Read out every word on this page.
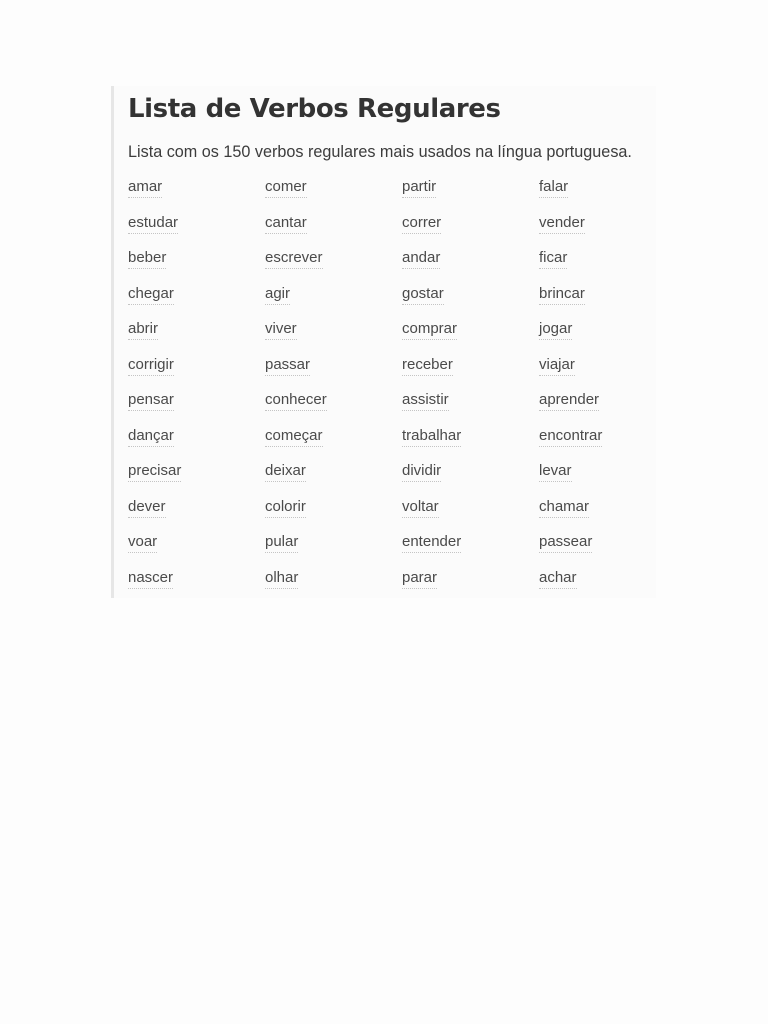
Lista de Verbos Regulares

Lista com os 150 verbos regulares mais usados na língua portuguesa.

amar	comer	partir	falar
estudar	cantar	correr	vender
beber	escrever	andar	ficar
chegar	agir	gostar	brincar
abrir	viver	comprar	jogar
corrigir	passar	receber	viajar
pensar	conhecer	assistir	aprender
dançar	começar	trabalhar	encontrar
precisar	deixar	dividir	levar
dever	colorir	voltar	chamar
voar	pular	entender	passear
nascer	olhar	parar	achar
